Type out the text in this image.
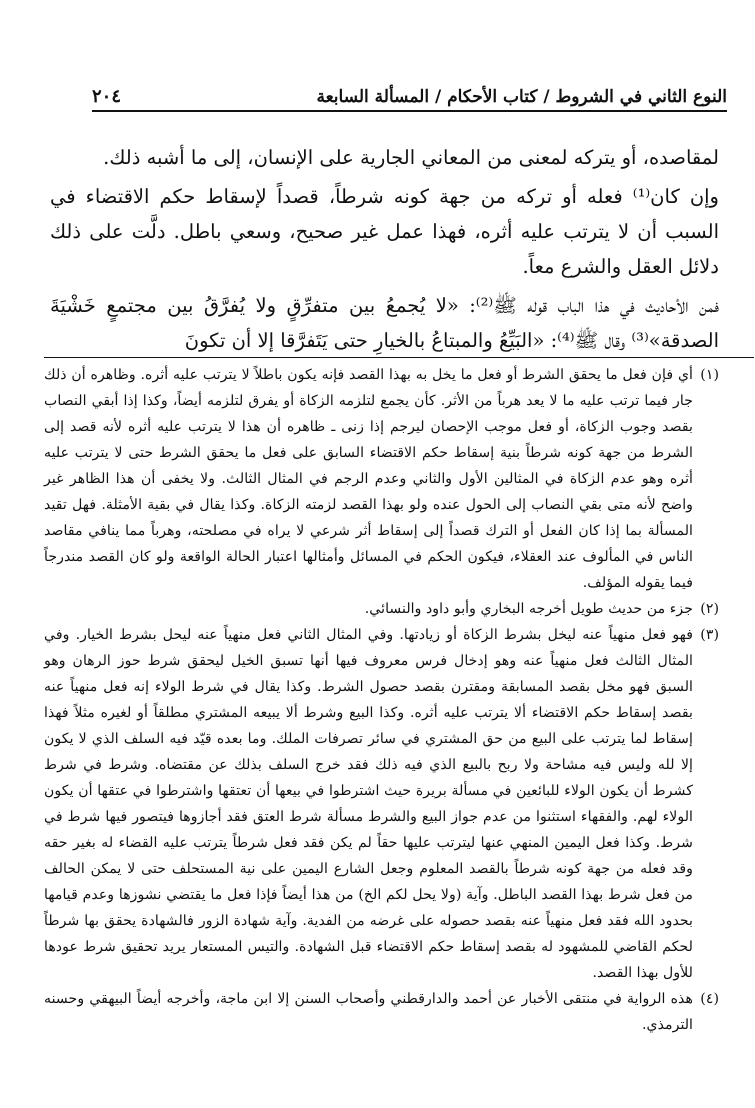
النوع الثاني في الشروط / كتاب الأحكام / المسألة السابعة
٢٠٤

لمقاصده، أو يتركه لمعنى من المعاني الجارية على الإنسان، إلى ما أشبه ذلك.

وإن كان⁽¹⁾ فعله أو تركه من جهة كونه شرطاً، قصداً لإسقاط حكم الاقتضاء في السبب أن لا يترتب عليه أثره، فهذا عمل غير صحيح، وسعي باطل. دلَّت على ذلك دلائل العقل والشرع معاً.

فمن الأحاديث في هذا الباب قوله ﷺ⁽²⁾: «لا يُجمعُ بين متفرِّقٍ ولا يُفرَّقُ بين مجتمعٍ خَشْيَةَ الصدقة»⁽³⁾ وقال ﷺ⁽⁴⁾: «البَيِّعُ والمبتاعُ بالخيارِ حتى يَتَفرَّقا إلا أن تكونَ

(١)
أي فإن فعل ما يحقق الشرط أو فعل ما يخل به بهذا القصد فإنه يكون باطلاً لا يترتب عليه أثره. وظاهره أن ذلك جار فيما ترتب عليه ما لا يعد هرباً من الأثر. كأن يجمع لتلزمه الزكاة أو يفرق لتلزمه أيضاً، وكذا إذا أبقي النصاب بقصد وجوب الزكاة، أو فعل موجب الإحصان ليرجم إذا زنى ـ ظاهره أن هذا لا يترتب عليه أثره لأنه قصد إلى الشرط من جهة كونه شرطاً بنية إسقاط حكم الاقتضاء السابق على فعل ما يحقق الشرط حتى لا يترتب عليه أثره وهو عدم الزكاة في المثالين الأول والثاني وعدم الرجم في المثال الثالث. ولا يخفى أن هذا الظاهر غير واضح لأنه متى بقي النصاب إلى الحول عنده ولو بهذا القصد لزمته الزكاة. وكذا يقال في بقية الأمثلة. فهل تقيد المسألة بما إذا كان الفعل أو الترك قصداً إلى إسقاط أثر شرعي لا يراه في مصلحته، وهرباً مما ينافي مقاصد الناس في المألوف عند العقلاء، فيكون الحكم في المسائل وأمثالها اعتبار الحالة الواقعة ولو كان القصد مندرجاً فيما يقوله المؤلف.
(٢)
جزء من حديث طويل أخرجه البخاري وأبو داود والنسائي.
(٣)
فهو فعل منهياً عنه ليخل بشرط الزكاة أو زيادتها. وفي المثال الثاني فعل منهياً عنه ليحل بشرط الخيار. وفي المثال الثالث فعل منهياً عنه وهو إدخال فرس معروف فيها أنها تسبق الخيل ليحقق شرط حوز الرهان وهو السبق فهو مخل بقصد المسابقة ومقترن بقصد حصول الشرط. وكذا يقال في شرط الولاء إنه فعل منهياً عنه بقصد إسقاط حكم الاقتضاء ألا يترتب عليه أثره. وكذا البيع وشرط ألا يبيعه المشتري مطلقاً أو لغيره مثلاً فهذا إسقاط لما يترتب على البيع من حق المشتري في سائر تصرفات الملك. وما بعده قيّد فيه السلف الذي لا يكون إلا لله وليس فيه مشاحة ولا ربح بالبيع الذي فيه ذلك فقد خرج السلف بذلك عن مقتضاه. وشرط في شرط كشرط أن يكون الولاء للبائعين في مسألة بريرة حيث اشترطوا في بيعها أن تعتقها واشترطوا في عتقها أن يكون الولاء لهم. والفقهاء استثنوا من عدم جواز البيع والشرط مسألة شرط العتق فقد أجازوها فيتصور فيها شرط في شرط. وكذا فعل اليمين المنهي عنها ليترتب عليها حقاً لم يكن فقد فعل شرطاً يترتب عليه القضاء له بغير حقه وقد فعله من جهة كونه شرطاً بالقصد المعلوم وجعل الشارع اليمين على نية المستحلف حتى لا يمكن الحالف من فعل شرط بهذا القصد الباطل. وآية (ولا يحل لكم الخ) من هذا أيضاً فإذا فعل ما يقتضي نشوزها وعدم قيامها بحدود الله فقد فعل منهياً عنه بقصد حصوله على غرضه من الفدية. وآية شهادة الزور فالشهادة يحقق بها شرطاً لحكم القاضي للمشهود له بقصد إسقاط حكم الاقتضاء قبل الشهادة. والتيس المستعار يريد تحقيق شرط عودها للأول بهذا القصد.
(٤)
هذه الرواية في منتقى الأخبار عن أحمد والدارقطني وأصحاب السنن إلا ابن ماجة، وأخرجه أيضاً البيهقي وحسنه الترمذي.
